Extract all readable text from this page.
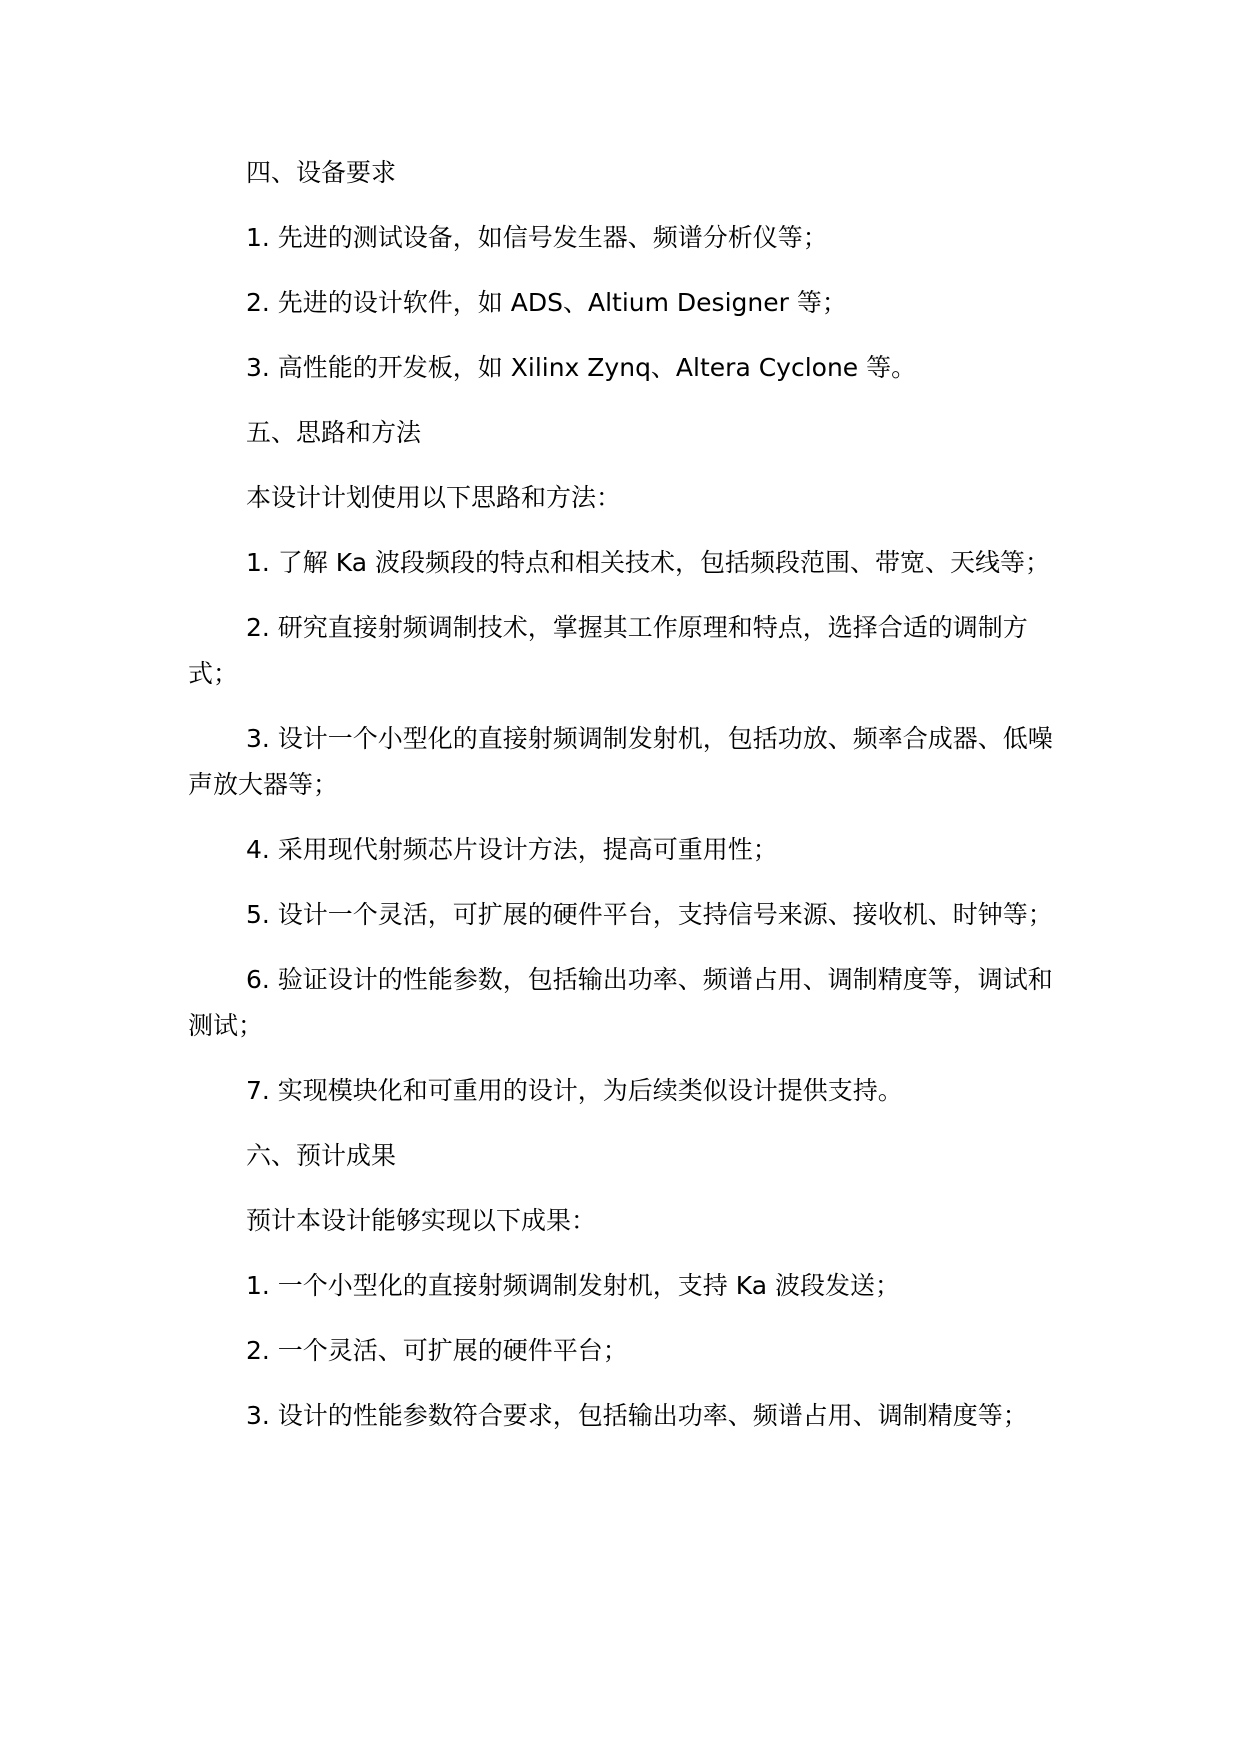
四、设备要求

1. 先进的测试设备，如信号发生器、频谱分析仪等；

2. 先进的设计软件，如 ADS、Altium Designer 等；

3. 高性能的开发板，如 Xilinx Zynq、Altera Cyclone 等。

五、思路和方法

本设计计划使用以下思路和方法：

1. 了解 Ka 波段频段的特点和相关技术，包括频段范围、带宽、天线等；

2. 研究直接射频调制技术，掌握其工作原理和特点，选择合适的调制方式；

3. 设计一个小型化的直接射频调制发射机，包括功放、频率合成器、低噪声放大器等；

4. 采用现代射频芯片设计方法，提高可重用性；

5. 设计一个灵活，可扩展的硬件平台，支持信号来源、接收机、时钟等；

6. 验证设计的性能参数，包括输出功率、频谱占用、调制精度等，调试和测试；

7. 实现模块化和可重用的设计，为后续类似设计提供支持。

六、预计成果

预计本设计能够实现以下成果：

1. 一个小型化的直接射频调制发射机，支持 Ka 波段发送；

2. 一个灵活、可扩展的硬件平台；

3. 设计的性能参数符合要求，包括输出功率、频谱占用、调制精度等；
